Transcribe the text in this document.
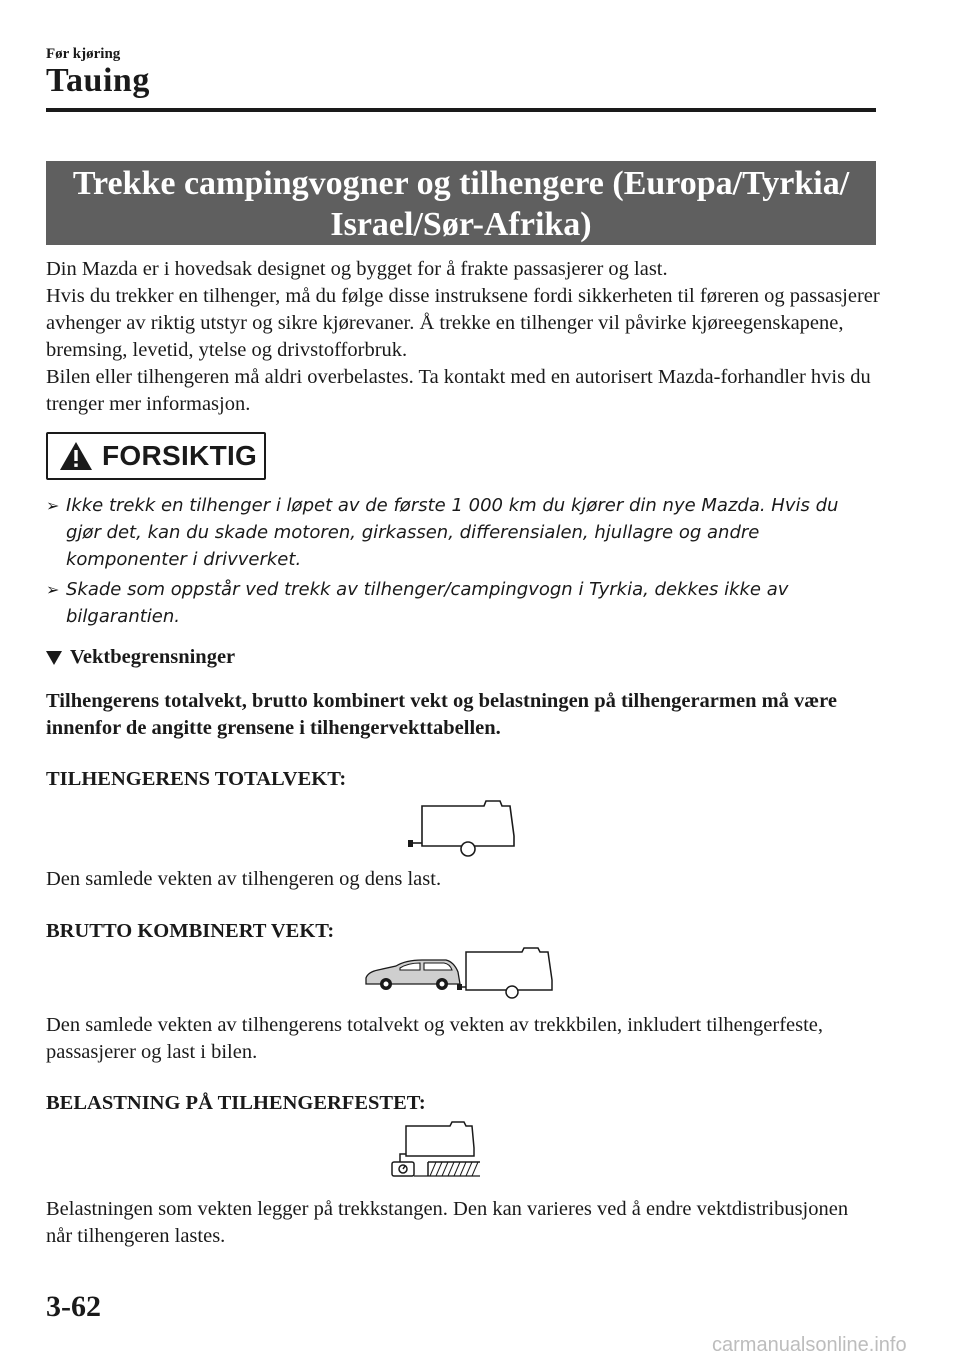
Før kjøring
Tauing
Trekke campingvogner og tilhengere (Europa/Tyrkia/
Israel/Sør-Afrika)

Din Mazda er i hovedsak designet og bygget for å frakte passasjerer og last.

Hvis du trekker en tilhenger, må du følge disse instruksene fordi sikkerheten til føreren og passasjerer avhenger av riktig utstyr og sikre kjørevaner. Å trekke en tilhenger vil påvirke kjøreegenskapene, bremsing, levetid, ytelse og drivstofforbruk.

Bilen eller tilhengeren må aldri overbelastes. Ta kontakt med en autorisert Mazda-forhandler hvis du trenger mer informasjon.

FORSIKTIG
➢ Ikke trekk en tilhenger i løpet av de første 1 000 km du kjører din nye Mazda. Hvis du gjør det, kan du skade motoren, girkassen, differensialen, hjullagre og andre komponenter i drivverket.
➢ Skade som oppstår ved trekk av tilhenger/campingvogn i Tyrkia, dekkes ikke av bilgarantien.
Vektbegrensninger
Tilhengerens totalvekt, brutto kombinert vekt og belastningen på tilhengerarmen må være innenfor de angitte grensene i tilhengervekttabellen.
TILHENGERENS TOTALVEKT:
Den samlede vekten av tilhengeren og dens last.
BRUTTO KOMBINERT VEKT:
Den samlede vekten av tilhengerens totalvekt og vekten av trekkbilen, inkludert tilhengerfeste, passasjerer og last i bilen.
BELASTNING PÅ TILHENGERFESTET:
Belastningen som vekten legger på trekkstangen. Den kan varieres ved å endre vektdistribusjonen når tilhengeren lastes.
3-62
carmanualsonline.info
